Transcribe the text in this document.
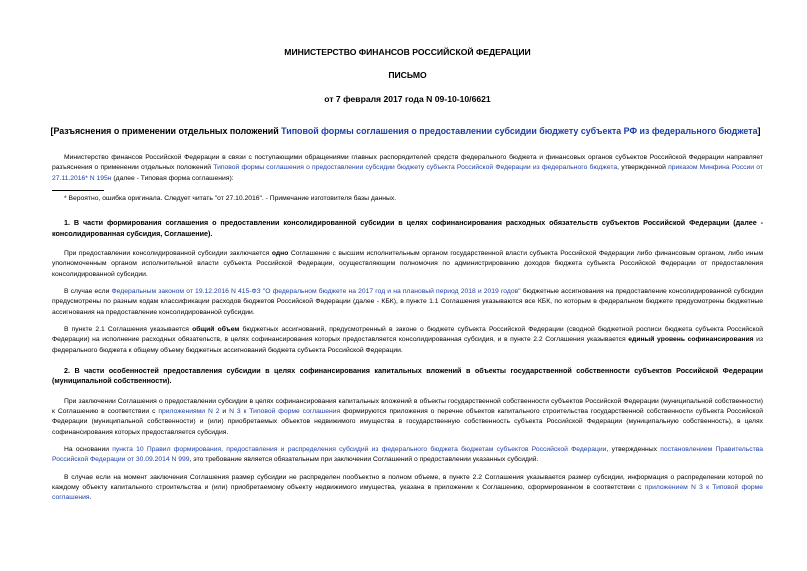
МИНИСТЕРСТВО ФИНАНСОВ РОССИЙСКОЙ ФЕДЕРАЦИИ
ПИСЬМО
от 7 февраля 2017 года N 09-10-10/6621
[Разъяснения о применении отдельных положений Типовой формы соглашения о предоставлении субсидии бюджету субъекта РФ из федерального бюджета]

Министерство финансов Российской Федерации в связи с поступающими обращениями главных распорядителей средств федерального бюджета и финансовых органов субъектов Российской Федерации направляет разъяснения о применении отдельных положений Типовой формы соглашения о предоставлении субсидии бюджету субъекта Российской Федерации из федерального бюджета, утвержденной приказом Минфина России от 27.11.2016* N 195н (далее - Типовая форма соглашения):

* Вероятно, ошибка оригинала. Следует читать "от 27.10.2016". - Примечание изготовителя базы данных.

1. В части формирования соглашения о предоставлении консолидированной субсидии в целях софинансирования расходных обязательств субъектов Российской Федерации (далее - консолидированная субсидия, Соглашение).

При предоставлении консолидированной субсидии заключается одно Соглашение с высшим исполнительным органом государственной власти субъекта Российской Федерации либо финансовым органом, либо иным уполномоченным органом исполнительной власти субъекта Российской Федерации, осуществляющим полномочия по администрированию доходов бюджета субъекта Российской Федерации от предоставления консолидированной субсидии.

В случае если Федеральным законом от 19.12.2016 N 415-ФЗ "О федеральном бюджете на 2017 год и на плановый период 2018 и 2019 годов" бюджетные ассигнования на предоставление консолидированной субсидии предусмотрены по разным кодам классификации расходов бюджетов Российской Федерации (далее - КБК), в пункте 1.1 Соглашения указываются все КБК, по которым в федеральном бюджете предусмотрены бюджетные ассигнования на предоставление консолидированной субсидии.

В пункте 2.1 Соглашения указывается общий объем бюджетных ассигнований, предусмотренный в законе о бюджете субъекта Российской Федерации (сводной бюджетной росписи бюджета субъекта Российской Федерации) на исполнение расходных обязательств, в целях софинансирования которых предоставляется консолидированная субсидия, и в пункте 2.2 Соглашения указывается единый уровень софинансирования из федерального бюджета к общему объему бюджетных ассигнований бюджета субъекта Российской Федерации.

2. В части особенностей предоставления субсидии в целях софинансирования капитальных вложений в объекты государственной собственности субъектов Российской Федерации (муниципальной собственности).

При заключении Соглашения о предоставлении субсидии в целях софинансирования капитальных вложений в объекты государственной собственности субъектов Российской Федерации (муниципальной собственности) к Соглашению в соответствии с приложениями N 2 и N 3 к Типовой форме соглашения формируются приложения о перечне объектов капитального строительства государственной собственности субъекта Российской Федерации (муниципальной собственности) и (или) приобретаемых объектов недвижимого имущества в государственную собственность субъекта Российской Федерации (муниципальную собственность), в целях софинансирования которых предоставляется субсидия.

На основании пункта 10 Правил формирования, предоставления и распределения субсидий из федерального бюджета бюджетам субъектов Российской Федерации, утвержденных постановлением Правительства Российской Федерации от 30.09.2014 N 999, это требование является обязательным при заключении Соглашений о предоставлении указанных субсидий.

В случае если на момент заключения Соглашения размер субсидии не распределен пообъектно в полном объеме, в пункте 2.2 Соглашения указывается размер субсидии, информация о распределении которой по каждому объекту капитального строительства и (или) приобретаемому объекту недвижимого имущества, указана в приложении к Соглашению, сформированном в соответствии с приложением N 3 к Типовой форме соглашения.
